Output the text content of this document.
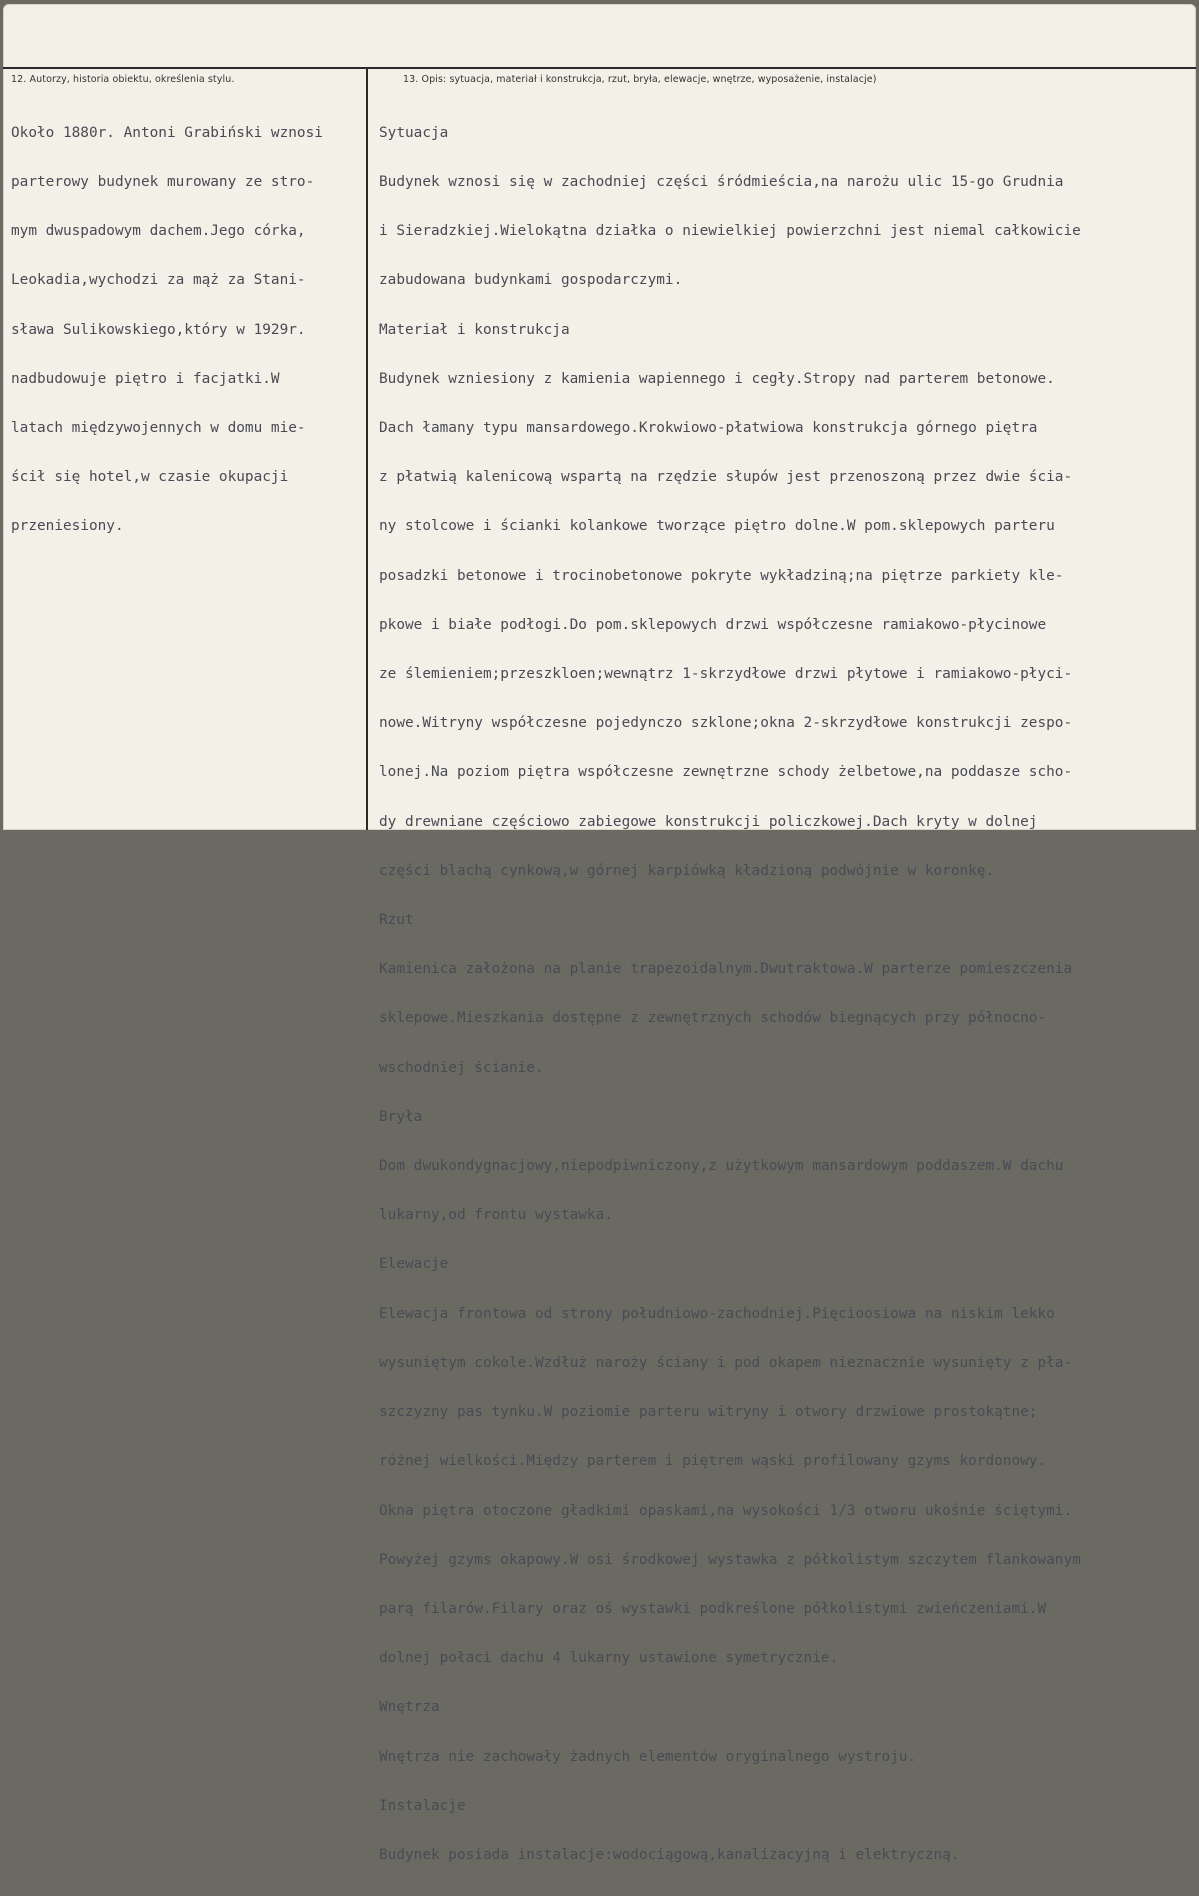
12. Autorzy, historia obiektu, określenia stylu.	13. Opis: sytuacja, materiał i konstrukcja, rzut, bryła, elewacje, wnętrze, wyposażenie, instalacje)

Około 1880r. Antoni Grabiński wznosi

parterowy budynek murowany ze stro-

mym dwuspadowym dachem.Jego córka,

Leokadia,wychodzi za mąż za Stani-

sława Sulikowskiego,który w 1929r.

nadbudowuje piętro i facjatki.W

latach międzywojennych w domu mie-

ścił się hotel,w czasie okupacji

przeniesiony.

Sytuacja

Budynek wznosi się w zachodniej części śródmieścia,na narożu ulic 15-go Grudnia

i Sieradzkiej.Wielokątna działka o niewielkiej powierzchni jest niemal całkowicie

zabudowana budynkami gospodarczymi.

Materiał i konstrukcja

Budynek wzniesiony z kamienia wapiennego i cegły.Stropy nad parterem betonowe.

Dach łamany typu mansardowego.Krokwiowo-płatwiowa konstrukcja górnego piętra

z płatwią kalenicową wspartą na rzędzie słupów jest przenoszoną przez dwie ścia-

ny stolcowe i ścianki kolankowe tworzące piętro dolne.W pom.sklepowych parteru

posadzki betonowe i trocinobetonowe pokryte wykładziną;na piętrze parkiety kle-

pkowe i białe podłogi.Do pom.sklepowych drzwi współczesne ramiakowo-płycinowe

ze ślemieniem;przeszkloen;wewnątrz 1-skrzydłowe drzwi płytowe i ramiakowo-płyci-

nowe.Witryny współczesne pojedynczo szklone;okna 2-skrzydłowe konstrukcji zespo-

lonej.Na poziom piętra współczesne zewnętrzne schody żelbetowe,na poddasze scho-

dy drewniane częściowo zabiegowe konstrukcji policzkowej.Dach kryty w dolnej

części blachą cynkową,w górnej karpiówką kładzioną podwójnie w koronkę.

Rzut

Kamienica założona na planie trapezoidalnym.Dwutraktowa.W parterze pomieszczenia

sklepowe.Mieszkania dostępne z zewnętrznych schodów biegnących przy północno-

wschodniej ścianie.

Bryła

Dom dwukondygnacjowy,niepodpiwniczony,z użytkowym mansardowym poddaszem.W dachu

lukarny,od frontu wystawka.

Elewacje

Elewacja frontowa od strony południowo-zachodniej.Pięcioosiowa na niskim lekko

wysuniętym cokole.Wzdłuż naroży ściany i pod okapem nieznacznie wysunięty z pła-

szczyzny pas tynku.W poziomie parteru witryny i otwory drzwiowe prostokątne;

różnej wielkości.Między parterem i piętrem wąski profilowany gzyms kordonowy.

Okna piętra otoczone gładkimi opaskami,na wysokości 1/3 otworu ukośnie ściętymi.

Powyżej gzyms okapowy.W osi środkowej wystawka z półkolistym szczytem flankowanym

parą filarów.Filary oraz oś wystawki podkreślone półkolistymi zwieńczeniami.W

dolnej połaci dachu 4 lukarny ustawione symetrycznie.

Wnętrza

Wnętrza nie zachowały żadnych elementów oryginalnego wystroju.

Instalacje

Budynek posiada instalacje:wodociągową,kanalizacyjną i elektryczną.
